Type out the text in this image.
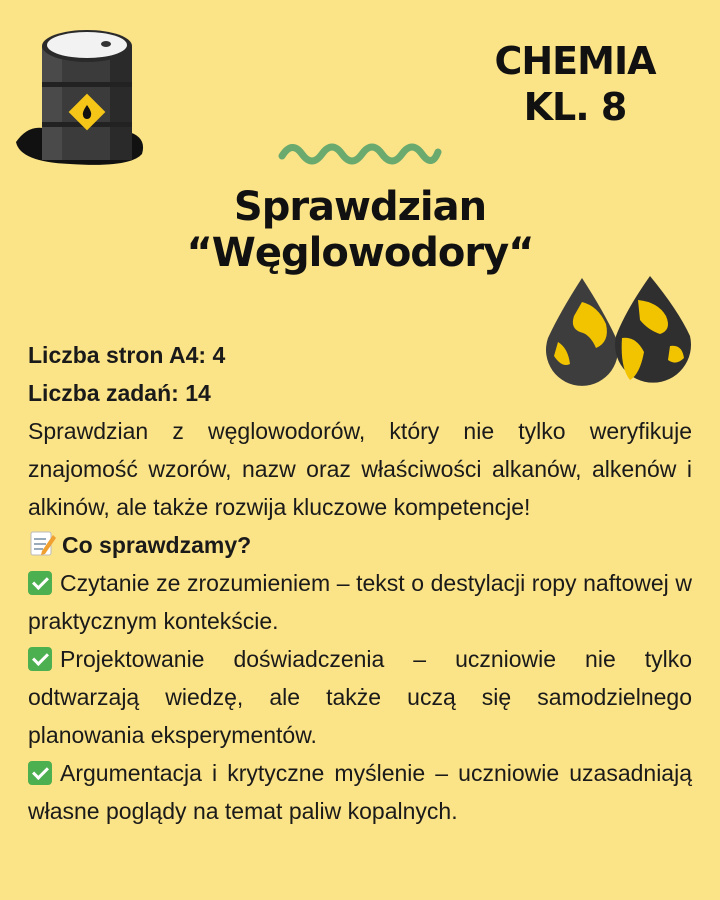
CHEMIA
KL. 8
Sprawdzian
“Węglowodory“

Liczba stron A4: 4

Liczba zadań: 14

Sprawdzian z węglowodorów, który nie tylko weryfikuje znajomość wzorów, nazw oraz właściwości alkanów, alkenów i alkinów, ale także rozwija kluczowe kompetencje!

Co sprawdzamy?

Czytanie ze zrozumieniem – tekst o destylacji ropy naftowej w praktycznym kontekście.

Projektowanie doświadczenia – uczniowie nie tylko odtwarzają wiedzę, ale także uczą się samodzielnego planowania eksperymentów.

Argumentacja i krytyczne myślenie – uczniowie uzasadniają własne poglądy na temat paliw kopalnych.
